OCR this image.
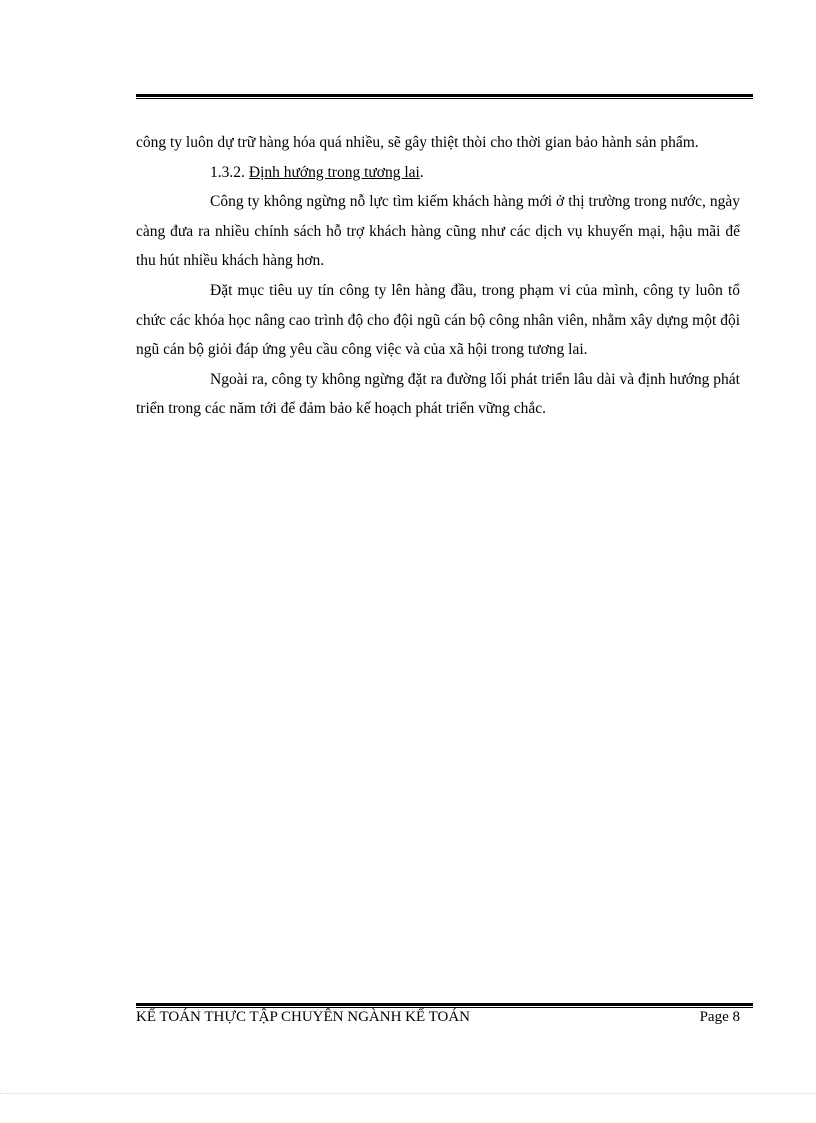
công ty luôn dự trữ hàng hóa quá nhiều, sẽ gây thiệt thòi cho thời gian bảo hành sản phẩm.

1.3.2. Định hướng trong tương lai.

Công ty không ngừng nỗ lực tìm kiếm khách hàng mới ở thị trường trong nước, ngày càng đưa ra nhiều chính sách hỗ trợ khách hàng cũng như các dịch vụ khuyến mại, hậu mãi để thu hút nhiều khách hàng hơn.

Đặt mục tiêu uy tín công ty lên hàng đầu, trong phạm vi của mình, công ty luôn tổ chức các khóa học nâng cao trình độ cho đội ngũ cán bộ công nhân viên, nhằm xây dựng một đội ngũ cán bộ giỏi đáp ứng yêu cầu công việc và của xã hội trong tương lai.

Ngoài ra, công ty không ngừng đặt ra đường lối phát triển lâu dài và định hướng phát triển trong các năm tới để đảm bảo kế hoạch phát triển vững chắc.

KẾ TOÁN THỰC TẬP CHUYÊN NGÀNH KẾ TOÁN	Page 8
